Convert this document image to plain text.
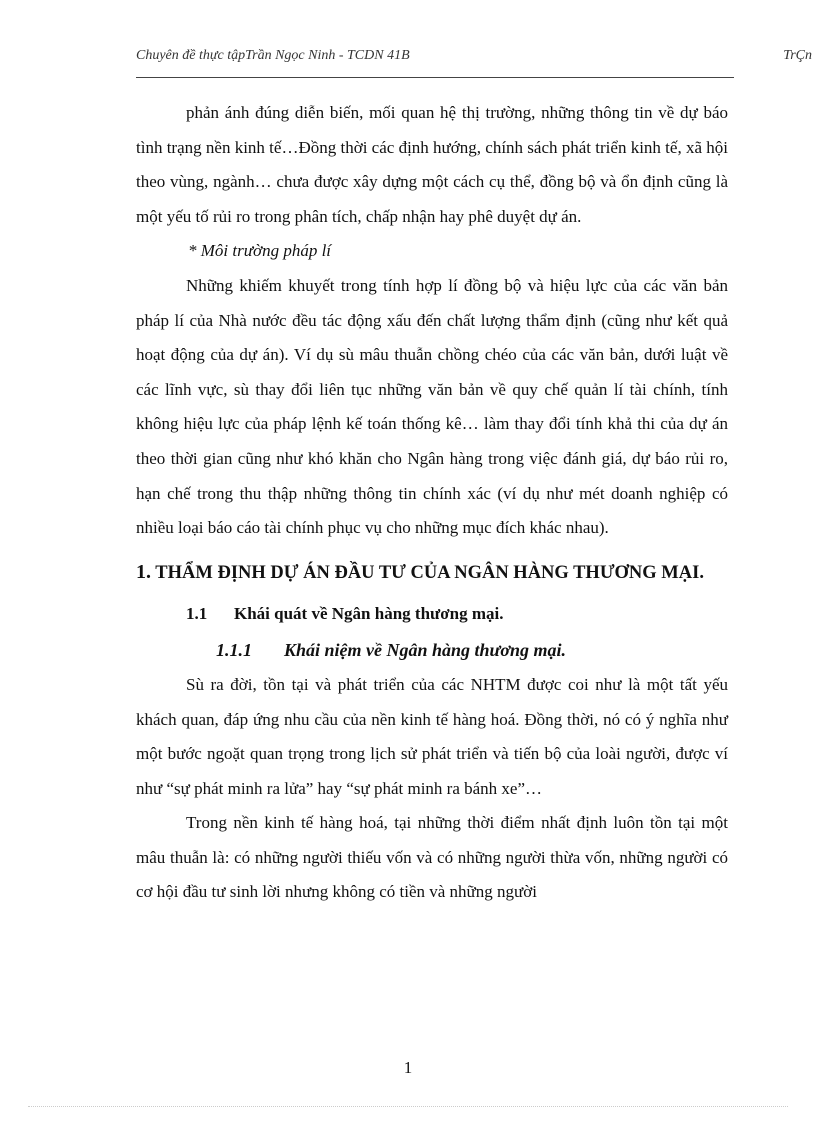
Chuyên đề thực tậpTrần Ngọc Ninh - TCDN 41B	TrÇn

phản ánh đúng diễn biến, mối quan hệ thị trường, những thông tin về dự báo tình trạng nền kinh tế…Đồng thời các định hướng, chính sách phát triển kinh tế, xã hội theo vùng, ngành… chưa được xây dựng một cách cụ thể, đồng bộ và ổn định cũng là một yếu tố rủi ro trong phân tích, chấp nhận hay phê duyệt dự án.

* Môi trường pháp lí

Những khiếm khuyết trong tính hợp lí đồng bộ và hiệu lực của các văn bản pháp lí của Nhà nước đều tác động xấu đến chất lượng thẩm định (cũng như kết quả hoạt động của dự án). Ví dụ sù mâu thuẫn chồng chéo của các văn bản, dưới luật về các lĩnh vực, sù thay đổi liên tục những văn bản về quy chế quản lí tài chính, tính không hiệu lực của pháp lệnh kế toán thống kê… làm thay đổi tính khả thi của dự án theo thời gian cũng như khó khăn cho Ngân hàng trong việc đánh giá, dự báo rủi ro, hạn chế trong thu thập những thông tin chính xác (ví dụ như mét doanh nghiệp có nhiều loại báo cáo tài chính phục vụ cho những mục đích khác nhau).

1. THẨM ĐỊNH DỰ ÁN ĐẦU TƯ CỦA NGÂN HÀNG THƯƠNG MẠI.

1.1 Khái quát về Ngân hàng thương mại.

1.1.1 Khái niệm về Ngân hàng thương mại.

Sù ra đời, tồn tại và phát triển của các NHTM được coi như là một tất yếu khách quan, đáp ứng nhu cầu của nền kinh tế hàng hoá. Đồng thời, nó có ý nghĩa như một bước ngoặt quan trọng trong lịch sử phát triển và tiến bộ của loài người, được ví như “sự phát minh ra lửa” hay “sự phát minh ra bánh xe”…

Trong nền kinh tế hàng hoá, tại những thời điểm nhất định luôn tồn tại một mâu thuẫn là: có những người thiếu vốn và có những người thừa vốn, những người có cơ hội đầu tư sinh lời nhưng không có tiền và những người

1
